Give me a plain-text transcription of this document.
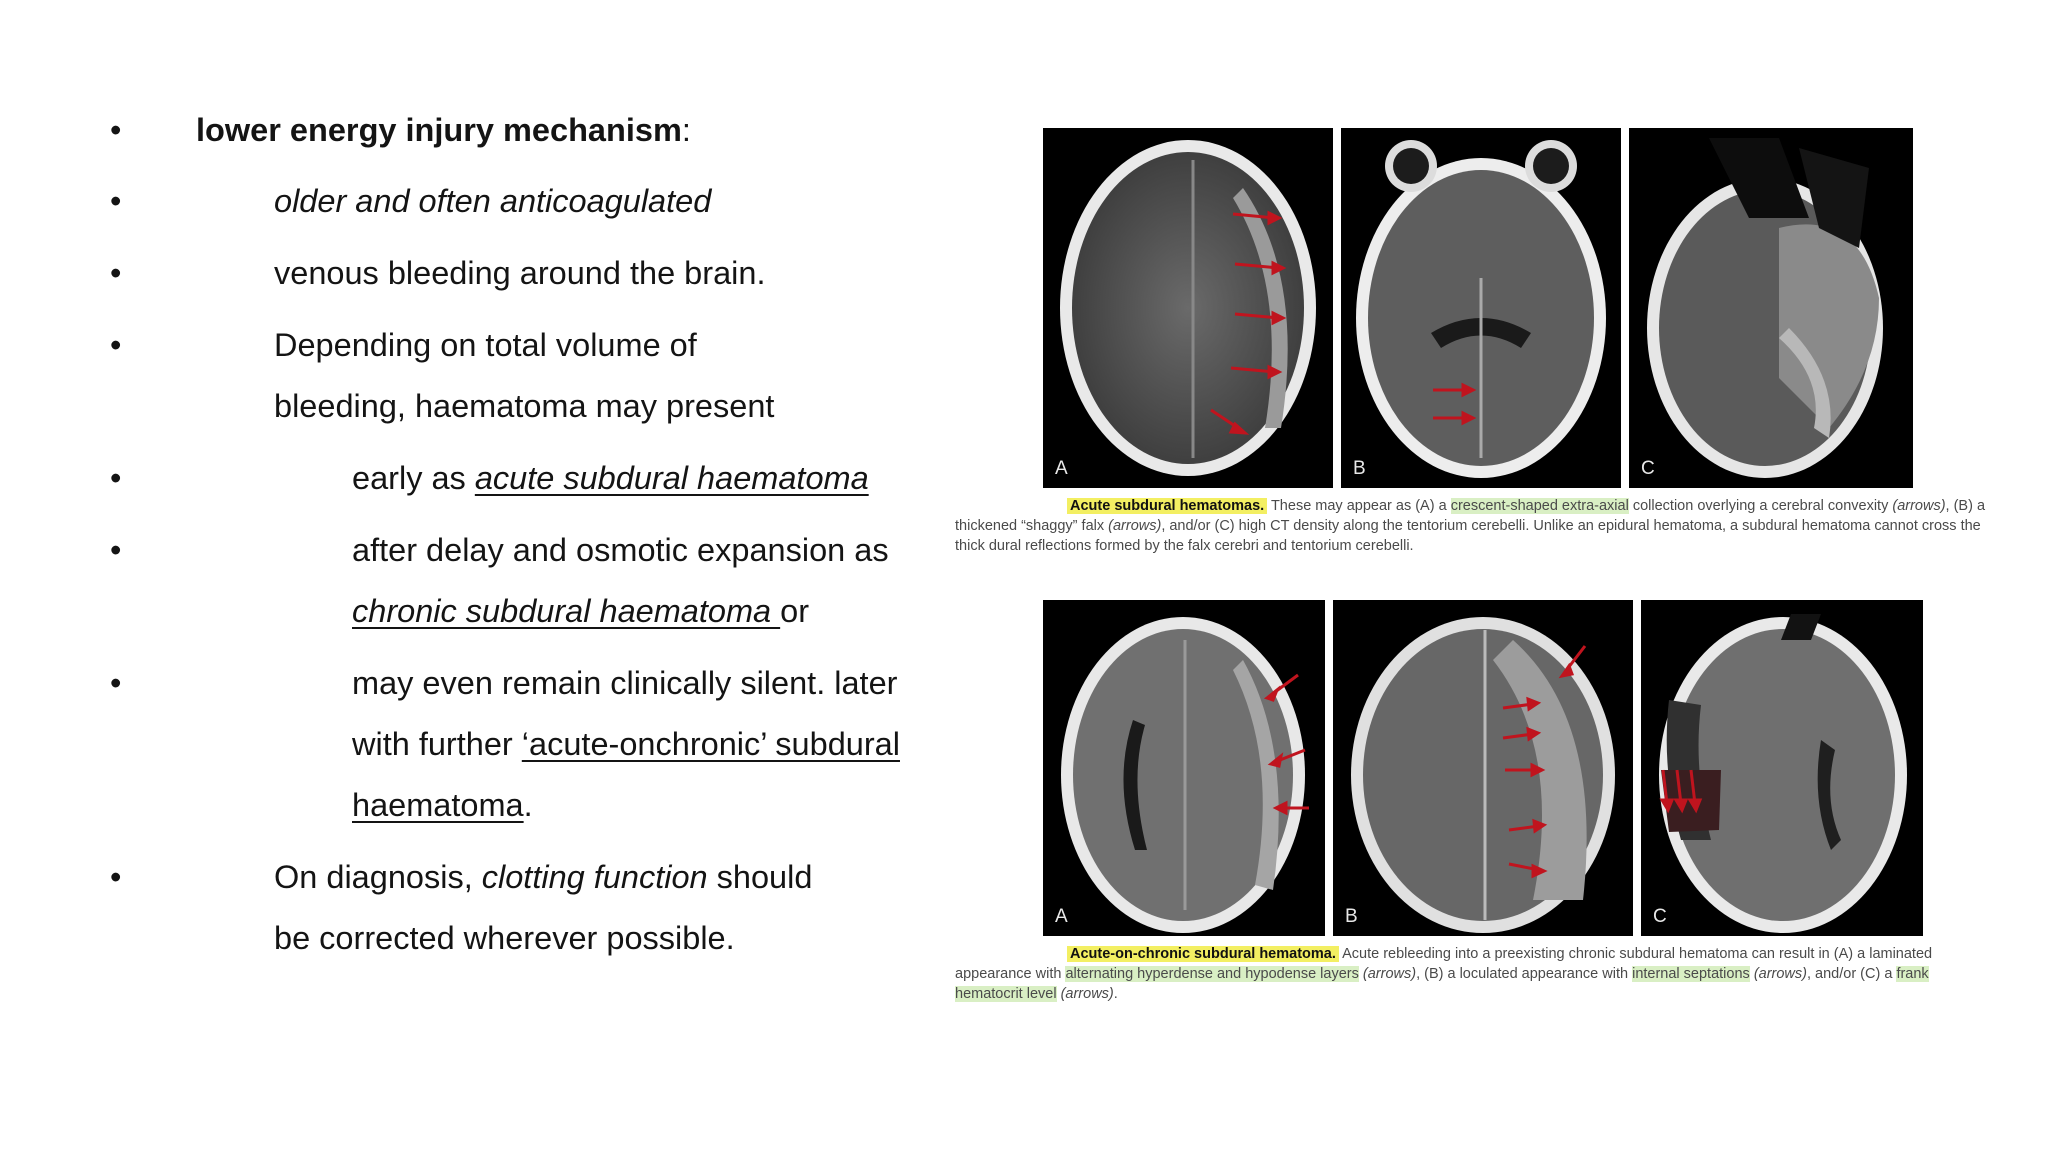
• lower energy injury mechanism:
• older and often anticoagulated
• venous bleeding around the brain.
• Depending on total volume of bleeding, haematoma may present
• early as acute subdural haematoma
• after delay and osmotic expansion as chronic subdural haematoma or
• may even remain clinically silent. later with further ‘acute-onchronic’ subdural haematoma.
• On diagnosis, clotting function should be corrected wherever possible.
A	B	C
Acute subdural hematomas. These may appear as (A) a crescent-shaped extra-axial collection overlying a cerebral convexity (arrows), (B) a thickened “shaggy” falx (arrows), and/or (C) high CT density along the tentorium cerebelli. Unlike an epidural hematoma, a subdural hematoma cannot cross the thick dural reflections formed by the falx cerebri and tentorium cerebelli.
A	B	C
Acute-on-chronic subdural hematoma. Acute rebleeding into a preexisting chronic subdural hematoma can result in (A) a laminated appearance with alternating hyperdense and hypodense layers (arrows), (B) a loculated appearance with internal septations (arrows), and/or (C) a frank hematocrit level (arrows).
